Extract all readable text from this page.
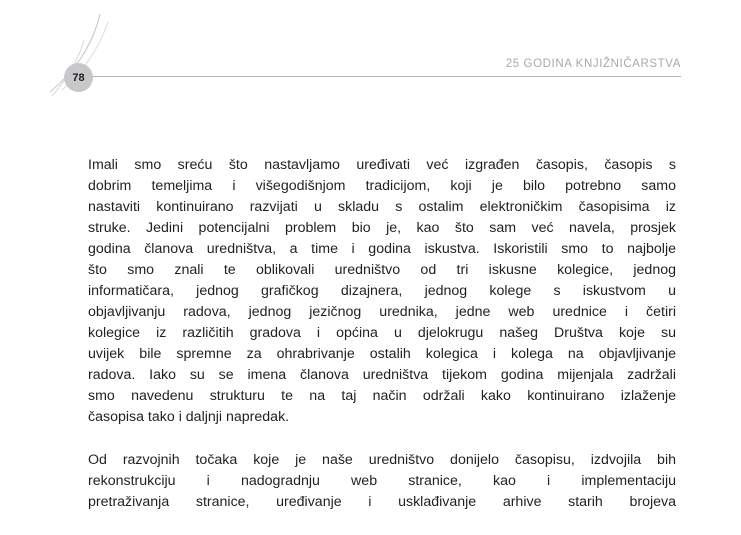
25 GODINA KNJIŽNIČARSTVA
78

Imali smo sreću što nastavljamo uređivati već izgrađen časopis, časopis s
dobrim temeljima i višegodišnjom tradicijom, koji je bilo potrebno samo
nastaviti kontinuirano razvijati u skladu s ostalim elektroničkim časopisima iz
struke. Jedini potencijalni problem bio je, kao što sam već navela, prosjek
godina članova uredništva, a time i godina iskustva. Iskoristili smo to najbolje
što smo znali te oblikovali uredništvo od tri iskusne kolegice, jednog
informatičara, jednog grafičkog dizajnera, jednog kolege s iskustvom u
objavljivanju radova, jednog jezičnog urednika, jedne web urednice i četiri
kolegice iz različitih gradova i općina u djelokrugu našeg Društva koje su
uvijek bile spremne za ohrabrivanje ostalih kolegica i kolega na objavljivanje
radova. Iako su se imena članova uredništva tijekom godina mijenjala zadržali
smo navedenu strukturu te na taj način održali kako kontinuirano izlaženje
časopisa tako i daljnji napredak.

Od razvojnih točaka koje je naše uredništvo donijelo časopisu, izdvojila bih
rekonstrukciju i nadogradnju web stranice, kao i implementaciju
pretraživanja stranice, uređivanje i usklađivanje arhive starih brojeva
